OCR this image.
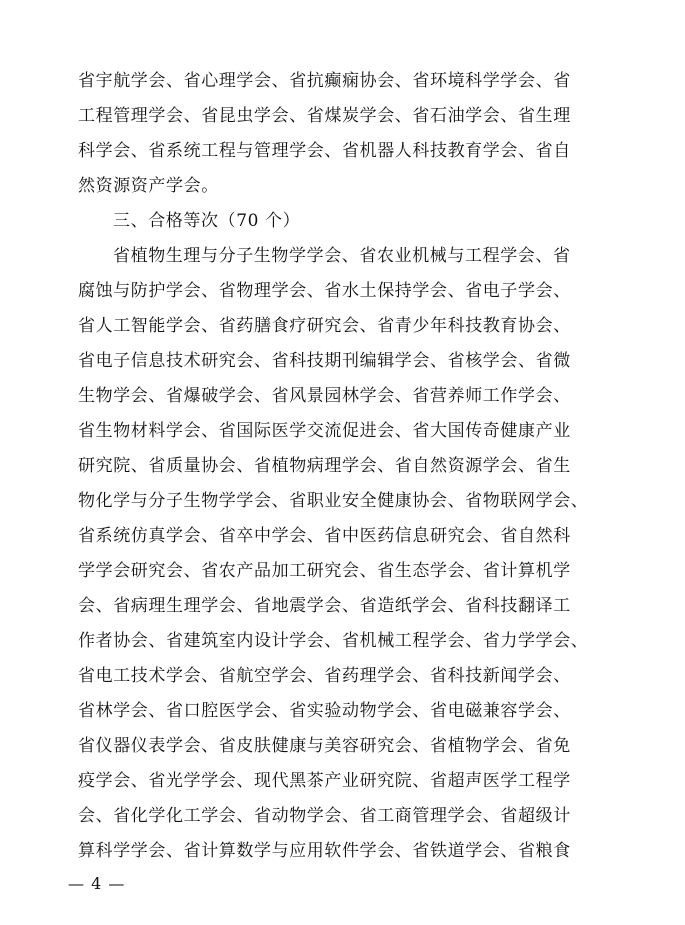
省宇航学会、省心理学会、省抗癫痫协会、省环境科学学会、省
工程管理学会、省昆虫学会、省煤炭学会、省石油学会、省生理
科学会、省系统工程与管理学会、省机器人科技教育学会、省自
然资源资产学会。
三、合格等次（70 个）
省植物生理与分子生物学学会、省农业机械与工程学会、省
腐蚀与防护学会、省物理学会、省水土保持学会、省电子学会、
省人工智能学会、省药膳食疗研究会、省青少年科技教育协会、
省电子信息技术研究会、省科技期刊编辑学会、省核学会、省微
生物学会、省爆破学会、省风景园林学会、省营养师工作学会、
省生物材料学会、省国际医学交流促进会、省大国传奇健康产业
研究院、省质量协会、省植物病理学会、省自然资源学会、省生
物化学与分子生物学学会、省职业安全健康协会、省物联网学会、
省系统仿真学会、省卒中学会、省中医药信息研究会、省自然科
学学会研究会、省农产品加工研究会、省生态学会、省计算机学
会、省病理生理学会、省地震学会、省造纸学会、省科技翻译工
作者协会、省建筑室内设计学会、省机械工程学会、省力学学会、
省电工技术学会、省航空学会、省药理学会、省科技新闻学会、
省林学会、省口腔医学会、省实验动物学会、省电磁兼容学会、
省仪器仪表学会、省皮肤健康与美容研究会、省植物学会、省免
疫学会、省光学学会、现代黑茶产业研究院、省超声医学工程学
会、省化学化工学会、省动物学会、省工商管理学会、省超级计
算科学学会、省计算数学与应用软件学会、省铁道学会、省粮食
— 4 —
